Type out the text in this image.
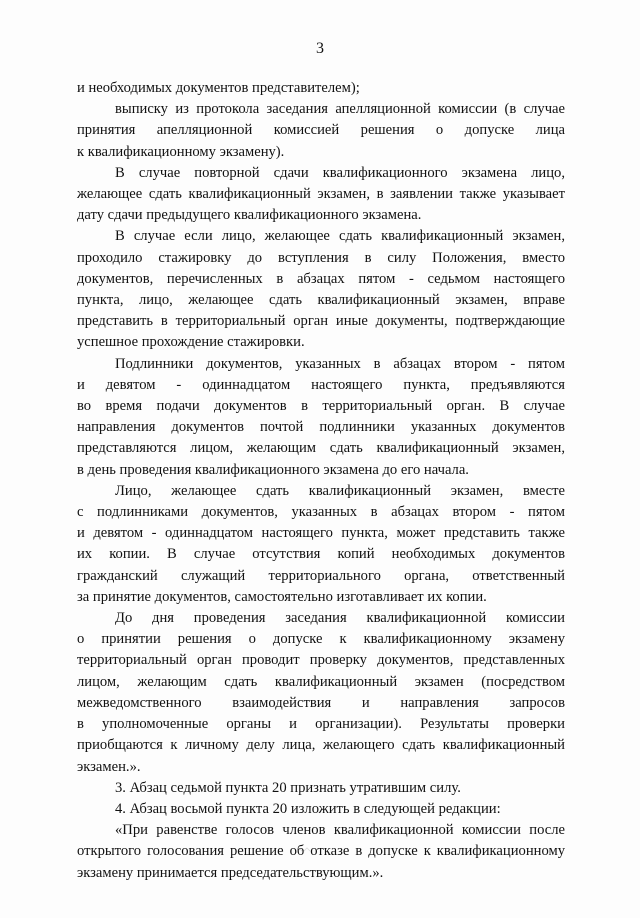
3
и необходимых документов представителем);
выписку из протокола заседания апелляционной комиссии (в случае
принятия апелляционной комиссией решения о допуске лица
к квалификационному экзамену).
В случае повторной сдачи квалификационного экзамена лицо,
желающее сдать квалификационный экзамен, в заявлении также указывает
дату сдачи предыдущего квалификационного экзамена.
В случае если лицо, желающее сдать квалификационный экзамен,
проходило стажировку до вступления в силу Положения, вместо
документов, перечисленных в абзацах пятом - седьмом настоящего
пункта, лицо, желающее сдать квалификационный экзамен, вправе
представить в территориальный орган иные документы, подтверждающие
успешное прохождение стажировки.
Подлинники документов, указанных в абзацах втором - пятом
и девятом - одиннадцатом настоящего пункта, предъявляются
во время подачи документов в территориальный орган. В случае
направления документов почтой подлинники указанных документов
представляются лицом, желающим сдать квалификационный экзамен,
в день проведения квалификационного экзамена до его начала.
Лицо, желающее сдать квалификационный экзамен, вместе
с подлинниками документов, указанных в абзацах втором - пятом
и девятом - одиннадцатом настоящего пункта, может представить также
их копии. В случае отсутствия копий необходимых документов
гражданский служащий территориального органа, ответственный
за принятие документов, самостоятельно изготавливает их копии.
До дня проведения заседания квалификационной комиссии
о принятии решения о допуске к квалификационному экзамену
территориальный орган проводит проверку документов, представленных
лицом, желающим сдать квалификационный экзамен (посредством
межведомственного взаимодействия и направления запросов
в уполномоченные органы и организации). Результаты проверки
приобщаются к личному делу лица, желающего сдать квалификационный
экзамен.».
3. Абзац седьмой пункта 20 признать утратившим силу.
4. Абзац восьмой пункта 20 изложить в следующей редакции:
«При равенстве голосов членов квалификационной комиссии после
открытого голосования решение об отказе в допуске к квалификационному
экзамену принимается председательствующим.».
